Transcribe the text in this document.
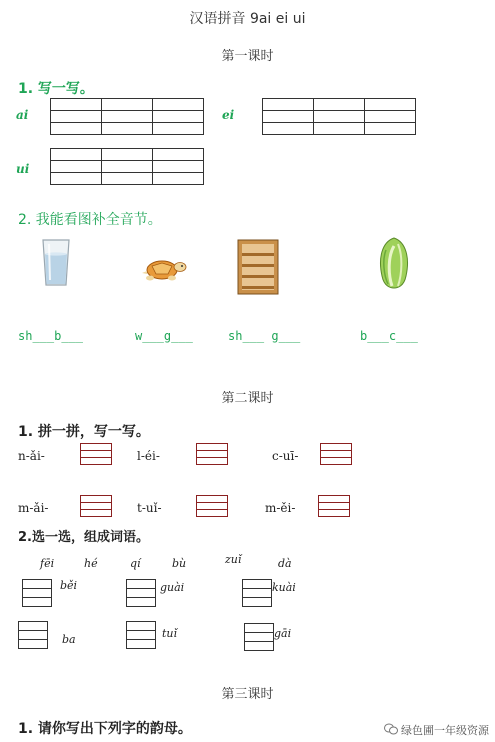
汉语拼音 9ai ei ui
第一课时
1. 写一写。
ai

			ei

ui

2. 我能看图补全音节。
sh___b___	w___g___	sh___ g___	b___c___
第二课时
1. 拼一拼，写一写。
n-ǎi-	l-éi-	c-uī-
m-ǎi-	t-uǐ-	m-ěi-
2.选一选，组成词语。
fēi	hé	qí	bù	zuǐ	dà
běi	guài	kuài
ba	tuǐ	gāi
第三课时
1. 请你写出下列字的韵母。	绿色圃一年级资源
